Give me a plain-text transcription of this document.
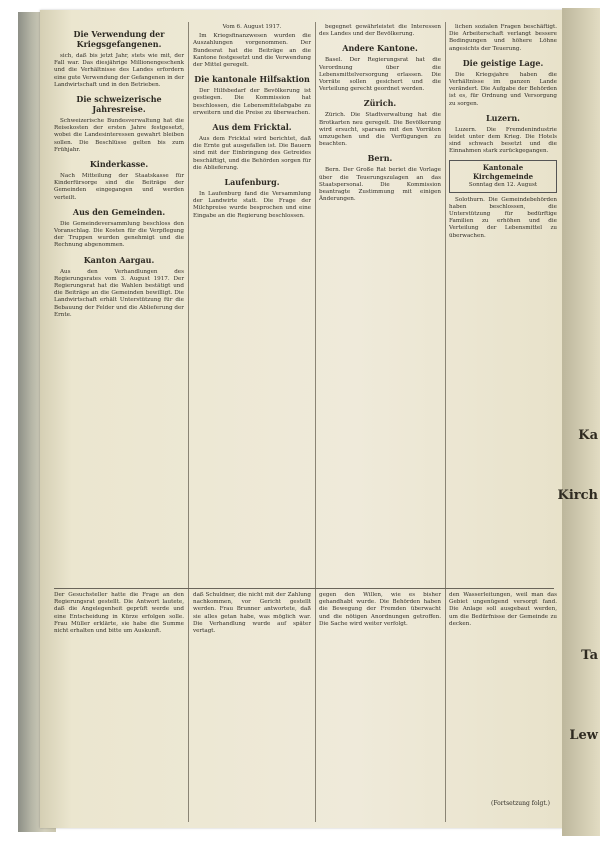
Die Verwendung der Kriegsgefangenen.

sich, daß bis jetzt Jahr, stets wie mit, der Fall war. Das diesjährige Millionengeschenk und die Verhältnisse des Landes erfordern eine gute Verwendung der Gefangenen in der Landwirtschaft und in den Betrieben.

Die schweizerische Jahresreise.

Schweizerische Bundesverwaltung hat die Reisekosten der ersten Jahre festgesetzt, wobei die Landesinteressen gewahrt bleiben sollen. Die Beschlüsse gelten bis zum Frühjahr.

Kinderkasse.

Nach Mitteilung der Staatskasse für Kinderfürsorge sind die Beiträge der Gemeinden eingegangen und werden verteilt.

Aus den Gemeinden.

Die Gemeindeversammlung beschloss den Voranschlag. Die Kosten für die Verpflegung der Truppen wurden genehmigt und die Rechnung abgenommen.

Kanton Aargau.

Aus den Verhandlungen des Regierungsrates vom 3. August 1917. Der Regierungsrat hat die Wahlen bestätigt und die Beiträge an die Gemeinden bewilligt. Die Landwirtschaft erhält Unterstützung für die Bebauung der Felder und die Ablieferung der Ernte.

Vom 6. August 1917.

Im Kriegsfinanzwesen wurden die Auszahlungen vorgenommen. Der Bundesrat hat die Beiträge an die Kantone festgesetzt und die Verwendung der Mittel geregelt.

Die kantonale Hilfsaktion

Der Hilfsbedarf der Bevölkerung ist gestiegen. Die Kommission hat beschlossen, die Lebensmittelabgabe zu erweitern und die Preise zu überwachen.

Aus dem Fricktal.

Aus dem Fricktal wird berichtet, daß die Ernte gut ausgefallen ist. Die Bauern sind mit der Einbringung des Getreides beschäftigt, und die Behörden sorgen für die Ablieferung.

Laufenburg.

In Laufenburg fand die Versammlung der Landwirte statt. Die Frage der Milchpreise wurde besprochen und eine Eingabe an die Regierung beschlossen.

begegnet gewährleistet die Interessen des Landes und der Bevölkerung.

Andere Kantone.

Basel. Der Regierungsrat hat die Verordnung über die Lebensmittelversorgung erlassen. Die Vorräte sollen gesichert und die Verteilung gerecht geordnet werden.

Zürich.

Zürich. Die Stadtverwaltung hat die Brotkarten neu geregelt. Die Bevölkerung wird ersucht, sparsam mit den Vorräten umzugehen und die Verfügungen zu beachten.

Bern.

Bern. Der Große Rat beriet die Vorlage über die Teuerungszulagen an das Staatspersonal. Die Kommission beantragte Zustimmung mit einigen Änderungen.

lichen sozialen Fragen beschäftigt. Die Arbeiterschaft verlangt bessere Bedingungen und höhere Löhne angesichts der Teuerung.

Die geistige Lage.

Die Kriegsjahre haben die Verhältnisse im ganzen Lande verändert. Die Aufgabe der Behörden ist es, für Ordnung und Versorgung zu sorgen.

Luzern.

Luzern. Die Fremdenindustrie leidet unter dem Krieg. Die Hotels sind schwach besetzt und die Einnahmen stark zurückgegangen.

Kantonale
Kirchgemeinde
Sonntag den 12. August

Solothurn. Die Gemeindebehörden haben beschlossen, die Unterstützung für bedürftige Familien zu erhöhen und die Verteilung der Lebensmittel zu überwachen.

Der Gesuchsteller hatte die Frage an den Regierungsrat gestellt. Die Antwort lautete, daß die Angelegenheit geprüft werde und eine Entscheidung in Kürze erfolgen solle. Frau Müller erklärte, sie habe die Summe nicht erhalten und bitte um Auskunft.
daß Schuldner, die nicht mit der Zahlung nachkommen, vor Gericht gestellt werden. Frau Brunner antwortete, daß sie alles getan habe, was möglich war. Die Verhandlung wurde auf später vertagt.
gegen den Willen, wie es bisher gehandhabt wurde. Die Behörden haben die Bewegung der Fremden überwacht und die nötigen Anordnungen getroffen. Die Sache wird weiter verfolgt.
den Wasserleitungen, weil man das Gebiet ungenügend versorgt fand. Die Anlage soll ausgebaut werden, um die Bedürfnisse der Gemeinde zu decken.
(Fortsetzung folgt.)
Ka
Kirch
Ta
Lew
